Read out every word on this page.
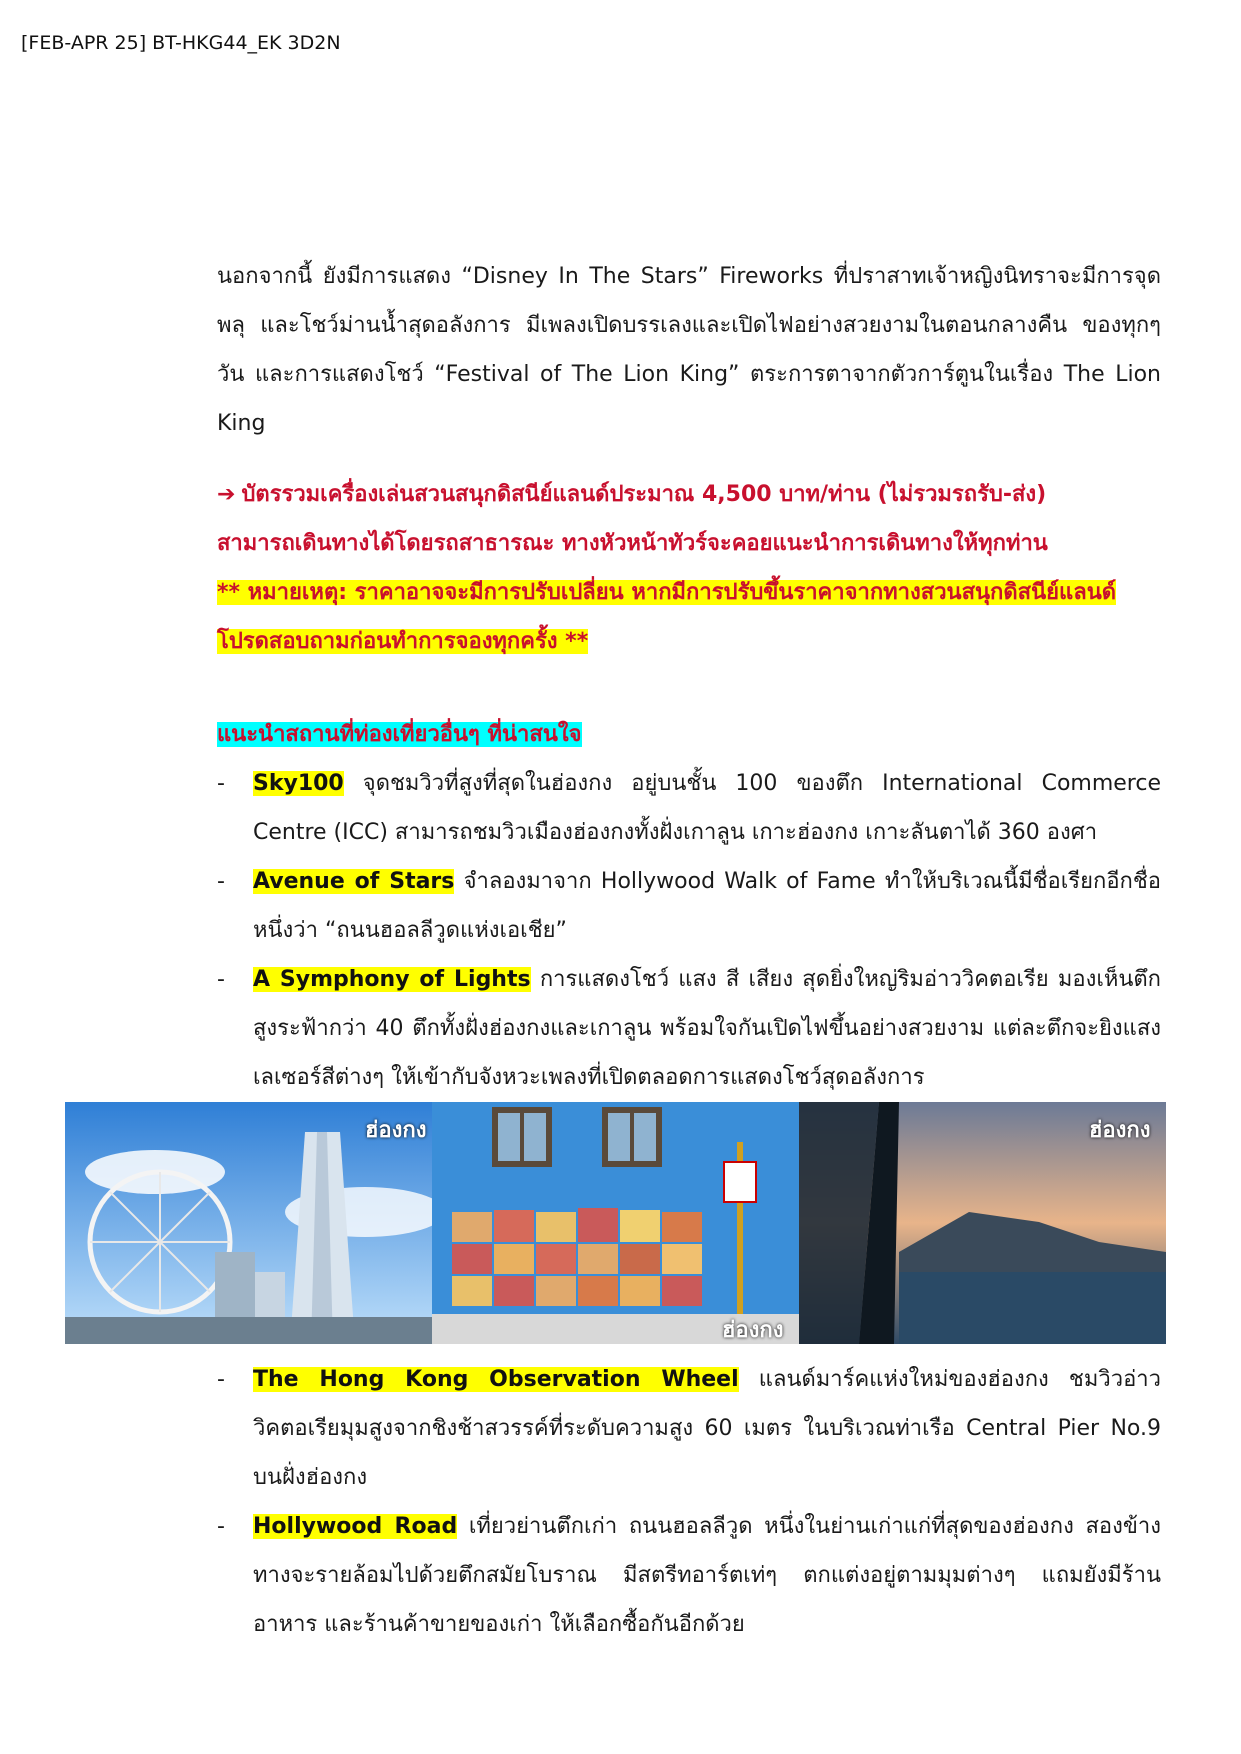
[FEB-APR 25] BT-HKG44_EK 3D2N

นอกจากนี้ ยังมีการแสดง “Disney In The Stars” Fireworks ที่ปราสาทเจ้าหญิงนิทราจะมีการจุดพลุ และโชว์ม่านน้ำสุดอลังการ มีเพลงเปิดบรรเลงและเปิดไฟอย่างสวยงามในตอนกลางคืน ของทุกๆ วัน และการแสดงโชว์ “Festival of The Lion King” ตระการตาจากตัวการ์ตูนในเรื่อง The Lion King

➔ บัตรรวมเครื่องเล่นสวนสนุกดิสนีย์แลนด์ประมาณ 4,500 บาท/ท่าน (ไม่รวมรถรับ-ส่ง)

สามารถเดินทางได้โดยรถสาธารณะ ทางหัวหน้าทัวร์จะคอยแนะนำการเดินทางให้ทุกท่าน

** หมายเหตุ: ราคาอาจจะมีการปรับเปลี่ยน หากมีการปรับขึ้นราคาจากทางสวนสนุกดิสนีย์แลนด์ โปรดสอบถามก่อนทำการจองทุกครั้ง **

แนะนำสถานที่ท่องเที่ยวอื่นๆ ที่น่าสนใจ

- Sky100 จุดชมวิวที่สูงที่สุดในฮ่องกง อยู่บนชั้น 100 ของตึก International Commerce Centre (ICC) สามารถชมวิวเมืองฮ่องกงทั้งฝั่งเกาลูน เกาะฮ่องกง เกาะลันตาได้ 360 องศา
- Avenue of Stars จำลองมาจาก Hollywood Walk of Fame ทำให้บริเวณนี้มีชื่อเรียกอีกชื่อหนึ่งว่า “ถนนฮอลลีวูดแห่งเอเชีย”
- A Symphony of Lights การแสดงโชว์ แสง สี เสียง สุดยิ่งใหญ่ริมอ่าววิคตอเรีย มองเห็นตึกสูงระฟ้ากว่า 40 ตึกทั้งฝั่งฮ่องกงและเกาลูน พร้อมใจกันเปิดไฟขึ้นอย่างสวยงาม แต่ละตึกจะยิงแสงเลเซอร์สีต่างๆ ให้เข้ากับจังหวะเพลงที่เปิดตลอดการแสดงโชว์สุดอลังการ
ฮ่องกง
ฮ่องกง
ฮ่องกง
- The Hong Kong Observation Wheel แลนด์มาร์คแห่งใหม่ของฮ่องกง ชมวิวอ่าววิคตอเรียมุมสูงจากชิงช้าสวรรค์ที่ระดับความสูง 60 เมตร ในบริเวณท่าเรือ Central Pier No.9 บนฝั่งฮ่องกง
- Hollywood Road เที่ยวย่านตึกเก่า ถนนฮอลลีวูด หนึ่งในย่านเก่าแก่ที่สุดของฮ่องกง สองข้างทางจะรายล้อมไปด้วยตึกสมัยโบราณ มีสตรีทอาร์ตเท่ๆ ตกแต่งอยู่ตามมุมต่างๆ แถมยังมีร้านอาหาร และร้านค้าขายของเก่า ให้เลือกซื้อกันอีกด้วย
